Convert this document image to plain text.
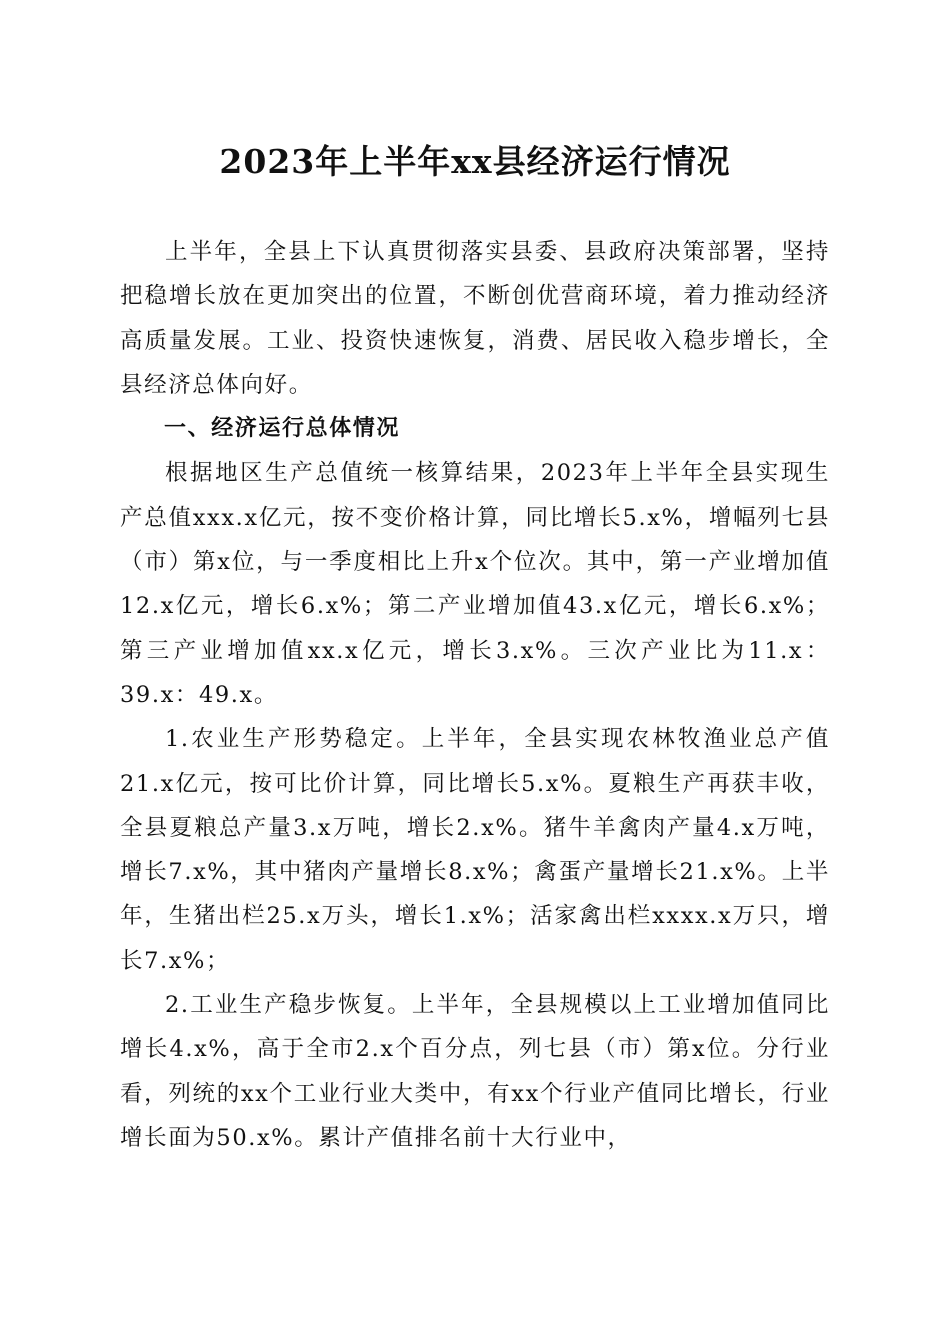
2023年上半年xx县经济运行情况

上半年，全县上下认真贯彻落实县委、县政府决策部署，坚持把稳增长放在更加突出的位置，不断创优营商环境，着力推动经济高质量发展。工业、投资快速恢复，消费、居民收入稳步增长，全县经济总体向好。

一、经济运行总体情况

根据地区生产总值统一核算结果，2023年上半年全县实现生产总值xxx.x亿元，按不变价格计算，同比增长5.x%，增幅列七县（市）第x位，与一季度相比上升x个位次。其中，第一产业增加值12.x亿元，增长6.x%；第二产业增加值43.x亿元，增长6.x%；第三产业增加值xx.x亿元，增长3.x%。三次产业比为11.x：39.x：49.x。

1.农业生产形势稳定。上半年，全县实现农林牧渔业总产值21.x亿元，按可比价计算，同比增长5.x%。夏粮生产再获丰收，全县夏粮总产量3.x万吨，增长2.x%。猪牛羊禽肉产量4.x万吨，增长7.x%，其中猪肉产量增长8.x%；禽蛋产量增长21.x%。上半年，生猪出栏25.x万头，增长1.x%；活家禽出栏xxxx.x万只，增长7.x%；

2.工业生产稳步恢复。上半年，全县规模以上工业增加值同比增长4.x%，高于全市2.x个百分点，列七县（市）第x位。分行业看，列统的xx个工业行业大类中，有xx个行业产值同比增长，行业增长面为50.x%。累计产值排名前十大行业中，
